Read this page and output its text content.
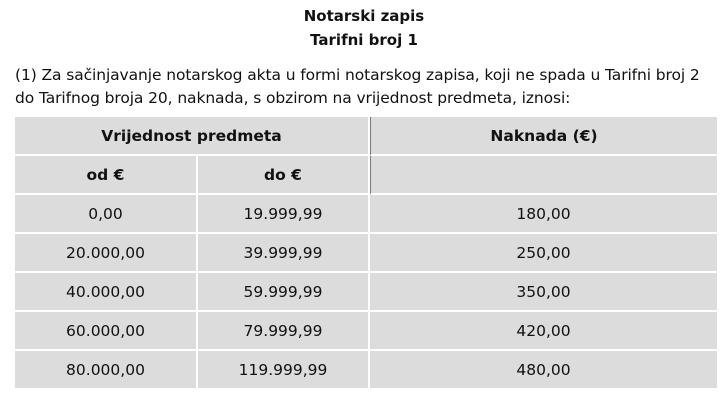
Notarski zapis
Tarifni broj 1
(1) Za sačinjavanje notarskog akta u formi notarskog zapisa, koji ne spada u Tarifni broj 2 do Tarifnog broja 20, naknada, s obzirom na vrijednost predmeta, iznosi:
Vrijednost predmeta		Naknada (€)
od €	do €	
0,00	19.999,99	180,00
20.000,00	39.999,99	250,00
40.000,00	59.999,99	350,00
60.000,00	79.999,99	420,00
80.000,00	119.999,99	480,00
